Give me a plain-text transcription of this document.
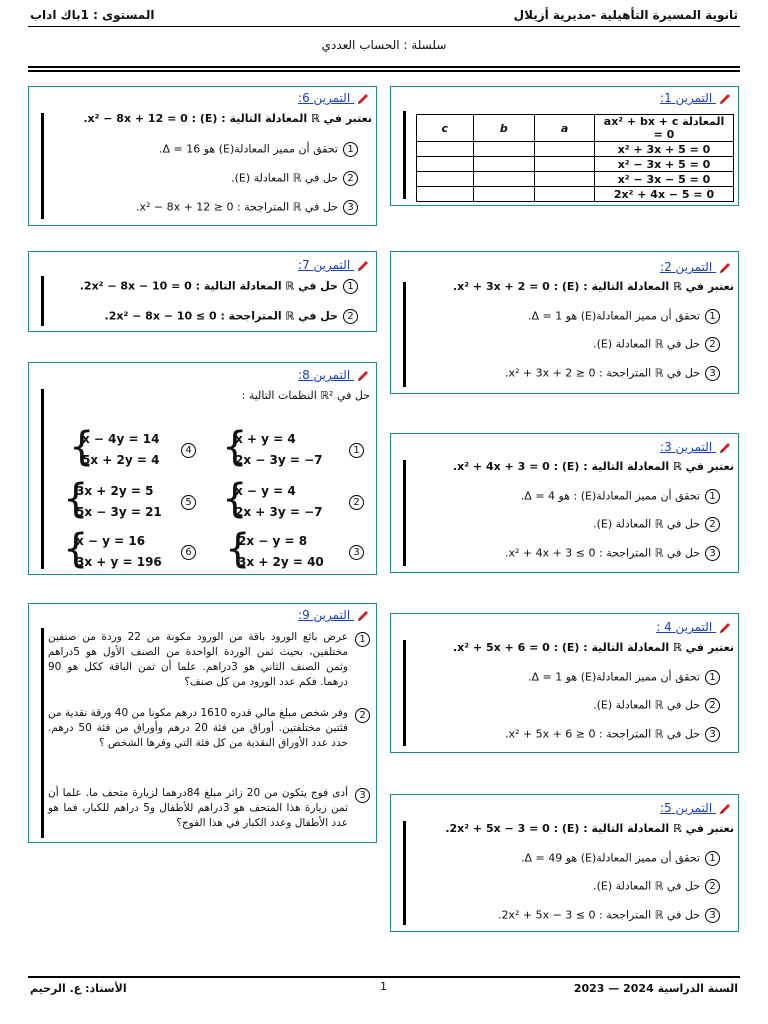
ثانوية المسيرة التأهيلية -مديرية أزيلال
المستوى : 1باك اداب
سلسلة : الحساب العددي
التمرين 1:
المعادلة ax² + bx + c = 0	a	b	c
x² + 3x + 5 = 0			
x² − 3x + 5 = 0			
x² − 3x − 5 = 0			
2x² + 4x − 5 = 0			
التمرين 2:
نعتبر في ℝ المعادلة التالية : (E) : x² + 3x + 2 = 0.
1تحقق أن مميز المعادلة(E) هو Δ = 1.
2حل في ℝ المعادلة (E).
3حل في ℝ المتراجحة : x² + 3x + 2 ≥ 0.
التمرين 3:
نعتبر في ℝ المعادلة التالية : (E) : x² + 4x + 3 = 0.
1تحقق أن مميز المعادلة(E) : هو Δ = 4.
2حل في ℝ المعادلة (E).
3حل في ℝ المتراجحة : x² + 4x + 3 ≤ 0.
التمرين 4 :
نعتبر في ℝ المعادلة التالية : (E) : x² + 5x + 6 = 0.
1تحقق أن مميز المعادلة(E) هو Δ = 1.
2حل في ℝ المعادلة (E).
3حل في ℝ المتراجحة : x² + 5x + 6 ≥ 0.
التمرين 5:
نعتبر في ℝ المعادلة التالية : (E) : 2x² + 5x − 3 = 0.
1تحقق أن مميز المعادلة(E) هو Δ = 49.
2حل في ℝ المعادلة (E).
3حل في ℝ المتراجحة : 2x² + 5x − 3 ≤ 0.
التمرين 6:
نعتبر في ℝ المعادلة التالية : (E) : x² − 8x + 12 = 0.
1تحقق أن مميز المعادلة(E) هو Δ = 16.
2حل في ℝ المعادلة (E).
3حل في ℝ المتراجحة : x² − 8x + 12 ≥ 0.
التمرين 7:
1حل في ℝ المعادلة التالية : 2x² − 8x − 10 = 0.
2حل في ℝ المتراجحة : 2x² − 8x − 10 ≤ 0.
التمرين 8:
حل في ℝ² النظمات التالية :
1
{
x + y = 4
2x − 3y = −7
2
{
x − y = 4
2x + 3y = −7
3
{
2x − y = 8
3x + 2y = 40
4
{
x − 4y = 14
5x + 2y = 4
5
{
3x + 2y = 5
5x − 3y = 21
6
{
x − y = 16
3x + y = 196
التمرين 9:
1
عرض بائع الورود باقة من الورود مكونة من 22 وردة من صنفين مختلفين، بحيث ثمن الوردة الواحدة من الصنف الأول هو 5دراهم وثمن الصنف الثاني هو 3دراهم. علما أن ثمن الباقة ككل هو 90 درهما. فكم عدد الورود من كل صنف؟
2
وفر شخص مبلغ مالي قدره 1610 درهم مكونا من 40 ورقة نقدية من فئتين مختلفتين. أوراق من فئة 20 درهم وأوراق من فئة 50 درهم. حدد عدد الأوراق النقدية من كل فئة التي وفرها الشخص ؟
3
أدى فوج يتكون من 20 زائر مبلغ 84درهما لزيارة متحف ما. علما أن ثمن زيارة هذا المتحف هو 3دراهم للأطفال و5 دراهم للكبار، فما هو عدد الأطفال وعدد الكبار في هذا الفوج؟
السنة الدراسية 2024 — 2023
1
الأستاذ: ع. الرحيم
